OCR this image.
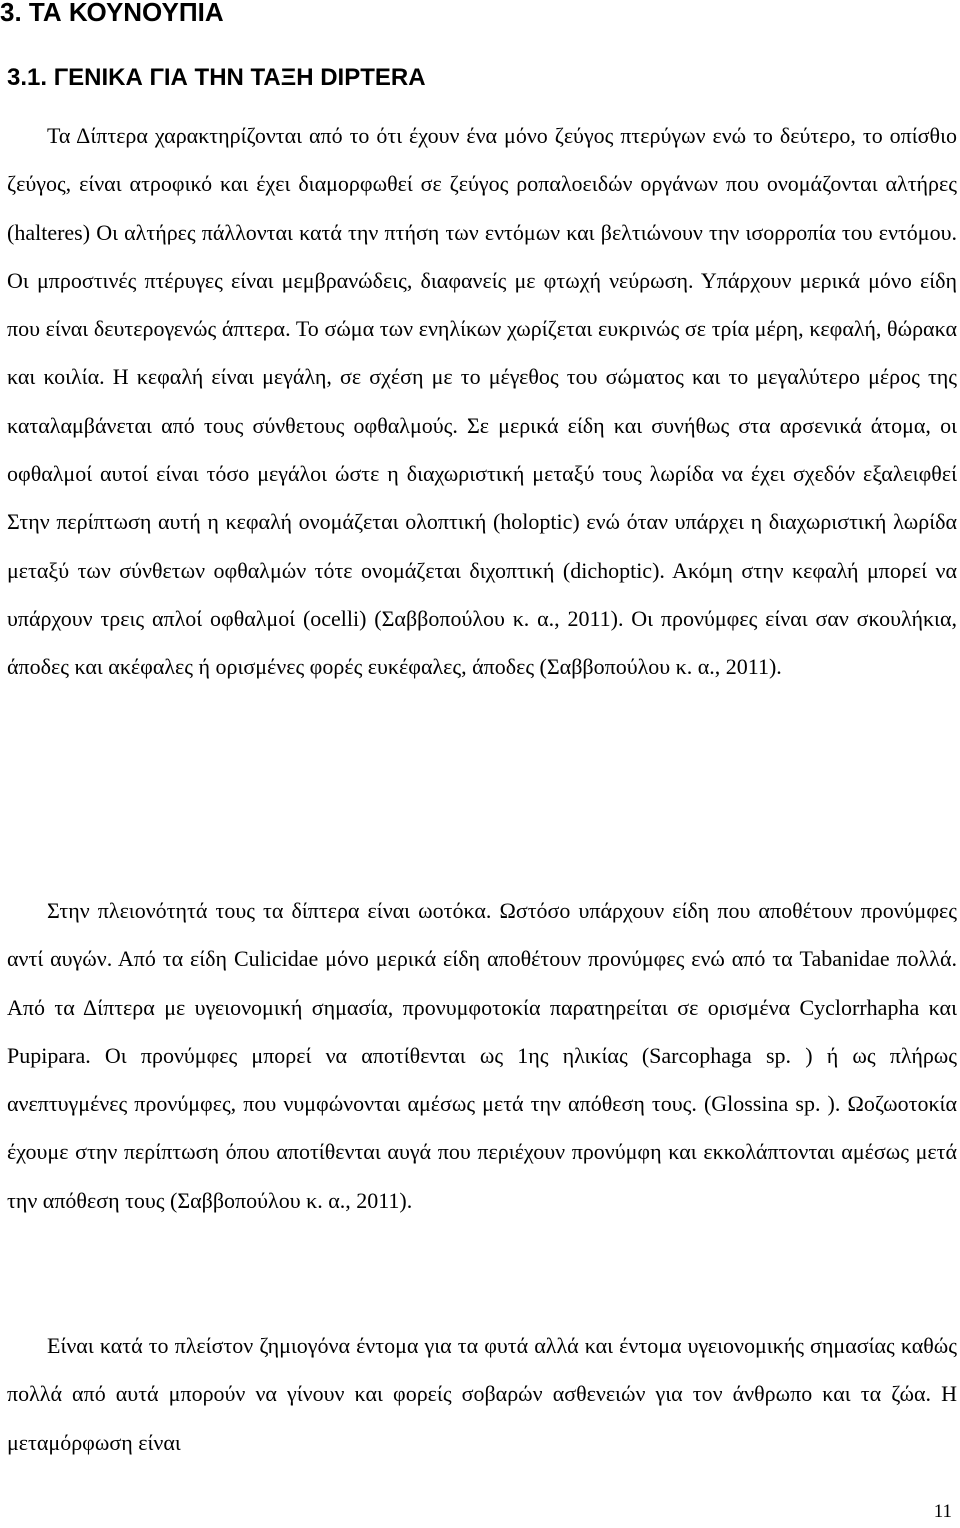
3. ΤΑ ΚΟΥΝΟΥΠΙΑ
3.1. ΓΕΝΙΚΑ ΓΙΑ ΤΗΝ ΤΑΞΗ DIPTERA

Τα Δίπτερα χαρακτηρίζονται από το ότι έχουν ένα μόνο ζεύγος πτερύγων ενώ το δεύτερο, το οπίσθιο ζεύγος, είναι ατροφικό και έχει διαμορφωθεί σε ζεύγος ροπαλοειδών οργάνων που ονομάζονται αλτήρες (halteres) Οι αλτήρες πάλλονται κατά την πτήση των εντόμων και βελτιώνουν την ισορροπία του εντόμου. Οι μπροστινές πτέρυγες είναι μεμβρανώδεις, διαφανείς με φτωχή νεύρωση. Υπάρχουν μερικά μόνο είδη που είναι δευτερογενώς άπτερα. Το σώμα των ενηλίκων χωρίζεται ευκρινώς σε τρία μέρη, κεφαλή, θώρακα και κοιλία. Η κεφαλή είναι μεγάλη, σε σχέση με το μέγεθος του σώματος και το μεγαλύτερο μέρος της καταλαμβάνεται από τους σύνθετους οφθαλμούς. Σε μερικά είδη και συνήθως στα αρσενικά άτομα, οι οφθαλμοί αυτοί είναι τόσο μεγάλοι ώστε η διαχωριστική μεταξύ τους λωρίδα να έχει σχεδόν εξαλειφθεί Στην περίπτωση αυτή η κεφαλή ονομάζεται ολοπτική (holoptic) ενώ όταν υπάρχει η διαχωριστική λωρίδα μεταξύ των σύνθετων οφθαλμών τότε ονομάζεται διχοπτική (dichoptic). Ακόμη στην κεφαλή μπορεί να υπάρχουν τρεις απλοί οφθαλμοί (ocelli) (Σαββοπούλου κ. α., 2011). Οι προνύμφες είναι σαν σκουλήκια, άποδες και ακέφαλες ή ορισμένες φορές ευκέφαλες, άποδες (Σαββοπούλου κ. α., 2011).

Στην πλειονότητά τους τα δίπτερα είναι ωοτόκα. Ωστόσο υπάρχουν είδη που αποθέτουν προνύμφες αντί αυγών. Από τα είδη Culicidae μόνο μερικά είδη αποθέτουν προνύμφες ενώ από τα Tabanidae πολλά. Από τα Δίπτερα με υγειονομική σημασία, προνυμφοτοκία παρατηρείται σε ορισμένα Cyclorrhapha και Pupipara. Οι προνύμφες μπορεί να αποτίθενται ως 1ης ηλικίας (Sarcophaga sp. ) ή ως πλήρως ανεπτυγμένες προνύμφες, που νυμφώνονται αμέσως μετά την απόθεση τους. (Glossina sp. ). Ωοζωοτοκία έχουμε στην περίπτωση όπου αποτίθενται αυγά που περιέχουν προνύμφη και εκκολάπτονται αμέσως μετά την απόθεση τους (Σαββοπούλου κ. α., 2011).

Είναι κατά το πλείστον ζημιογόνα έντομα για τα φυτά αλλά και έντομα υγειονομικής σημασίας καθώς πολλά από αυτά μπορούν να γίνουν και φορείς σοβαρών ασθενειών για τον άνθρωπο και τα ζώα. Η μεταμόρφωση είναι

11
